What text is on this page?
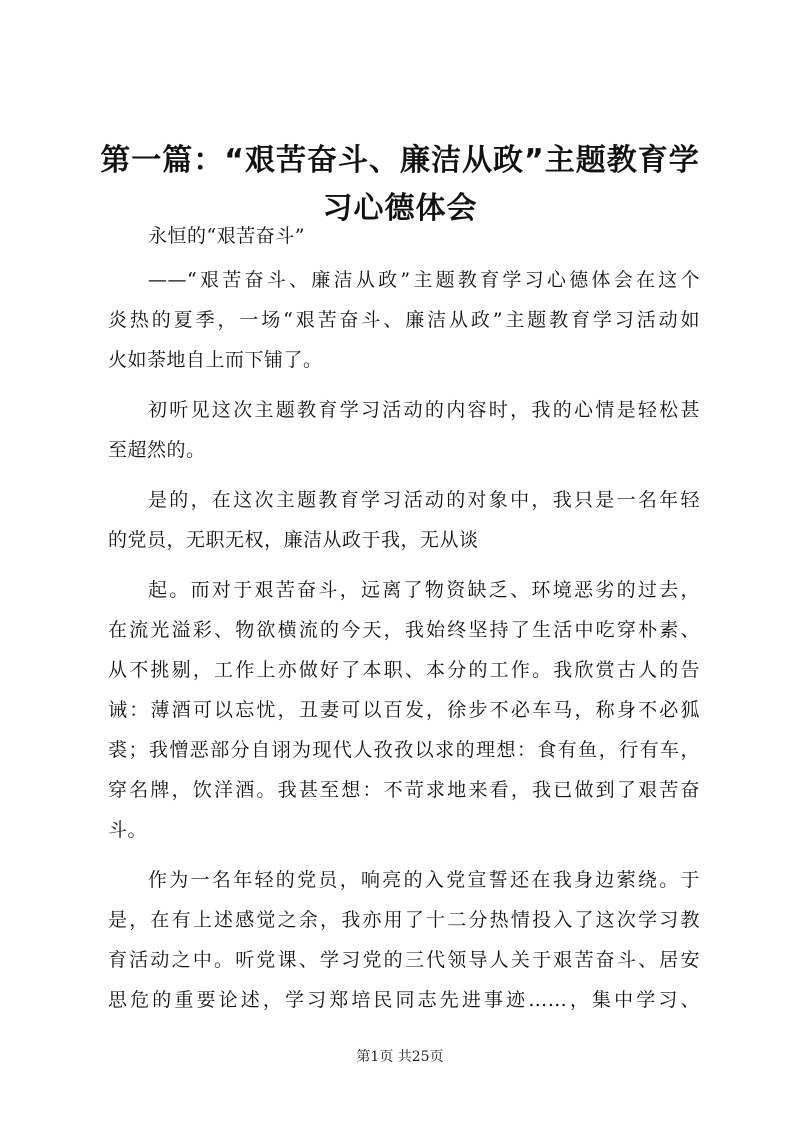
第一篇：“艰苦奋斗、廉洁从政”主题教育学
习心德体会
永恒的“艰苦奋斗”
——“艰苦奋斗、廉洁从政”主题教育学习心德体会在这个
炎热的夏季，一场“艰苦奋斗、廉洁从政”主题教育学习活动如
火如荼地自上而下铺了。
初听见这次主题教育学习活动的内容时，我的心情是轻松甚
至超然的。
是的，在这次主题教育学习活动的对象中，我只是一名年轻
的党员，无职无权，廉洁从政于我，无从谈
起。而对于艰苦奋斗，远离了物资缺乏、环境恶劣的过去，
在流光溢彩、物欲横流的今天，我始终坚持了生活中吃穿朴素、
从不挑剔，工作上亦做好了本职、本分的工作。我欣赏古人的告
诫：薄酒可以忘忧，丑妻可以百发，徐步不必车马，称身不必狐
裘；我憎恶部分自诩为现代人孜孜以求的理想：食有鱼，行有车，
穿名牌，饮洋酒。我甚至想：不苛求地来看，我已做到了艰苦奋
斗。
作为一名年轻的党员，响亮的入党宣誓还在我身边萦绕。于
是，在有上述感觉之余，我亦用了十二分热情投入了这次学习教
育活动之中。听党课、学习党的三代领导人关于艰苦奋斗、居安
思危的重要论述，学习郑培民同志先进事迹……，集中学习、
第1页 共25页
